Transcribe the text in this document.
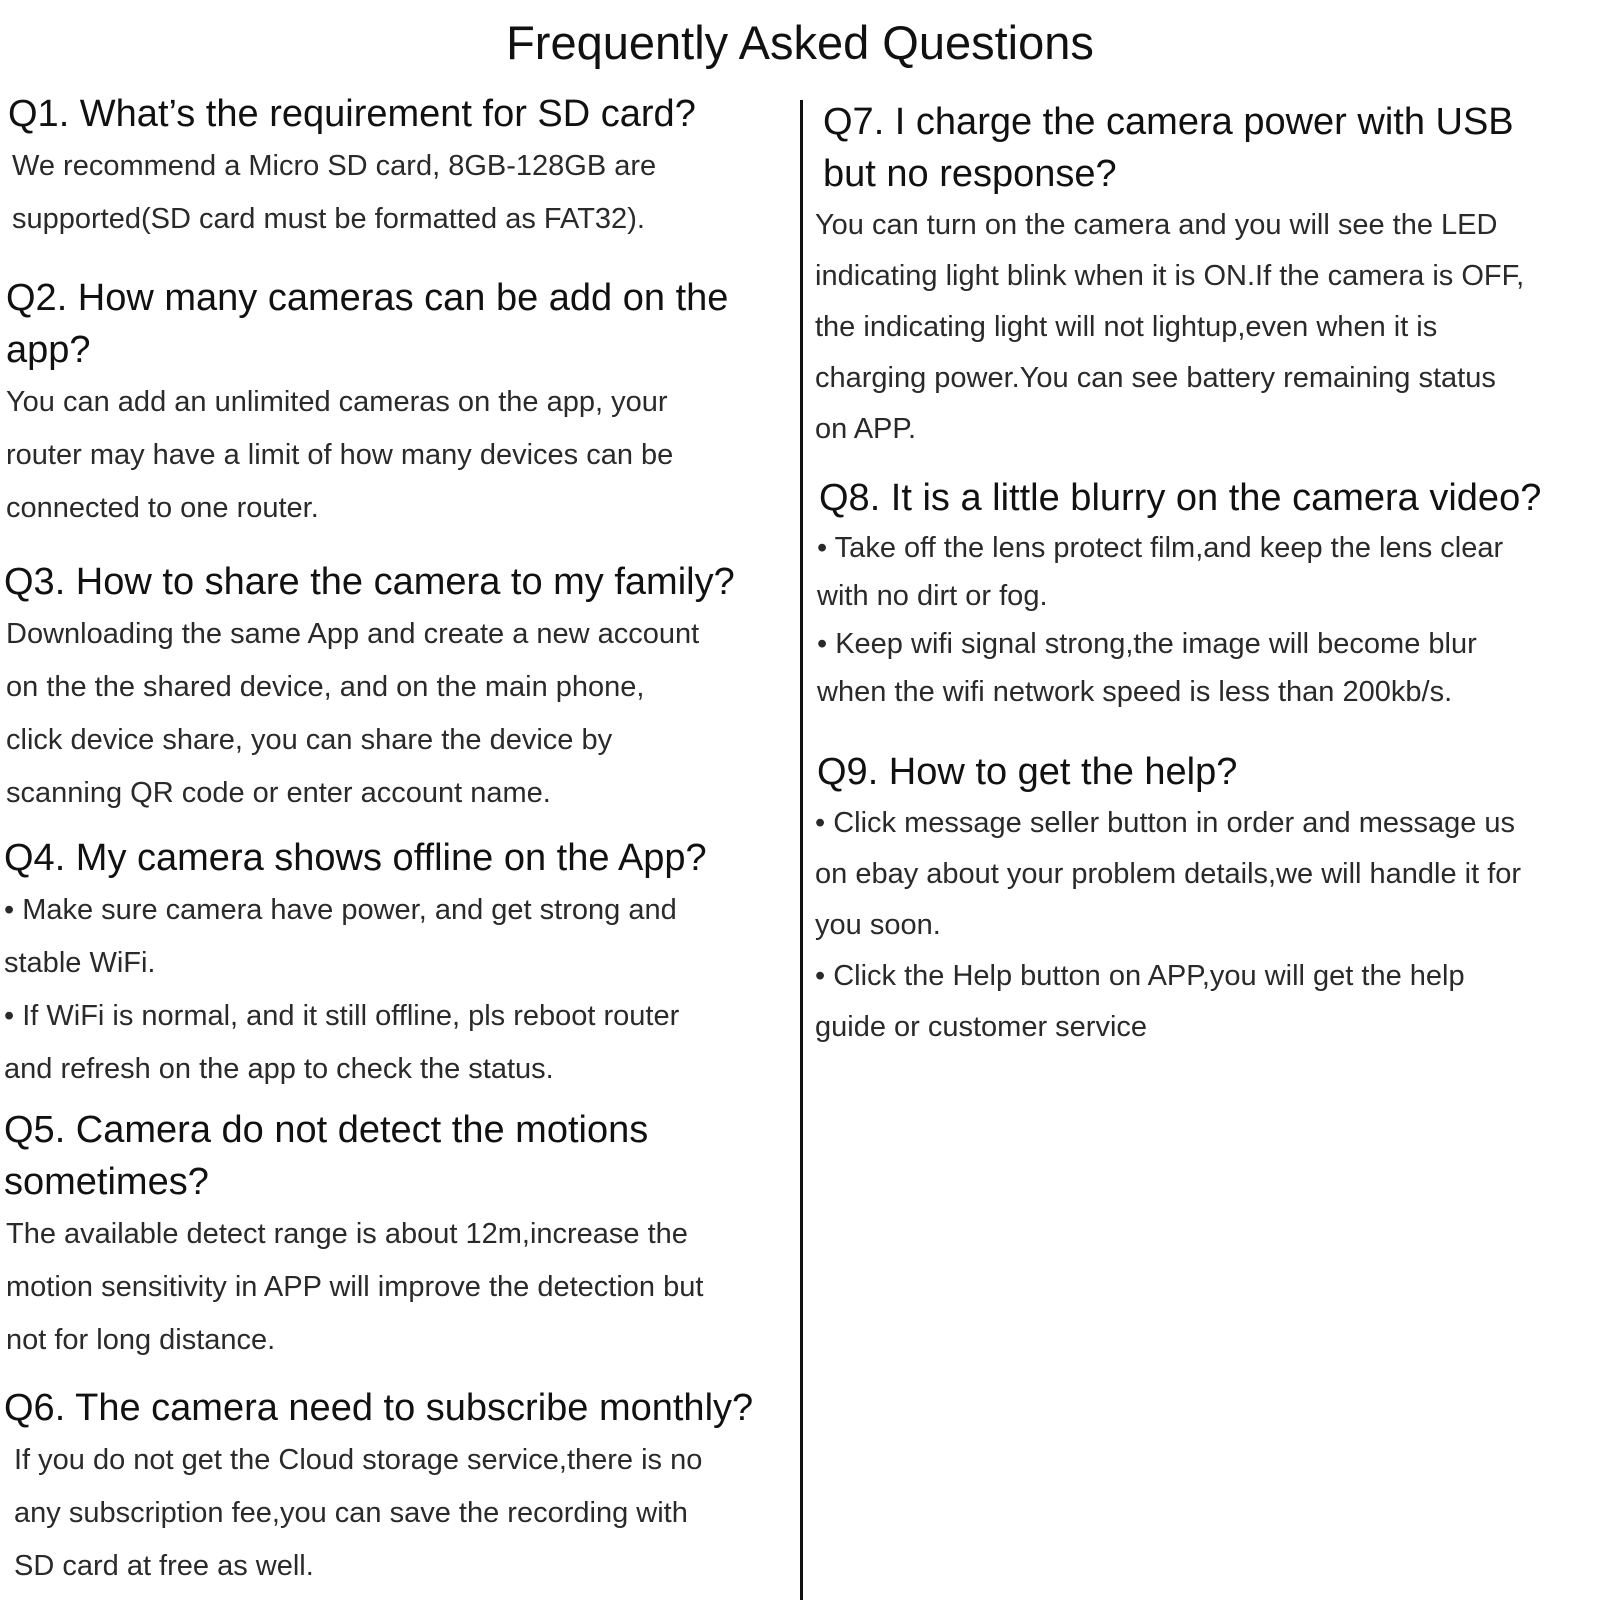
Frequently Asked Questions
Q1. What’s the requirement for SD card?

We recommend a Micro SD card, 8GB-128GB are
supported(SD card must be formatted as FAT32).

Q2. How many cameras can be add on the
app?

You can add an unlimited cameras on the app, your
router may have a limit of how many devices can be
connected to one router.

Q3. How to share the camera to my family?

Downloading the same App and create a new account
on the the shared device, and on the main phone,
click device share, you can share the device by
scanning QR code or enter account name.

Q4. My camera shows offline on the App?

• Make sure camera have power, and get strong and
stable WiFi.
• If WiFi is normal, and it still offline, pls reboot router
and refresh on the app to check the status.

Q5. Camera do not detect the motions
sometimes?

The available detect range is about 12m,increase the
motion sensitivity in APP will improve the detection but
not for long distance.

Q6. The camera need to subscribe monthly?

If you do not get the Cloud storage service,there is no
any subscription fee,you can save the recording with
SD card at free as well.

Q7. I charge the camera power with USB
but no response?

You can turn on the camera and you will see the LED
indicating light blink when it is ON.If the camera is OFF,
the indicating light will not lightup,even when it is
charging power.You can see battery remaining status
on APP.

Q8. It is a little blurry on the camera video?

• Take off the lens protect film,and keep the lens clear
with no dirt or fog.
• Keep wifi signal strong,the image will become blur
when the wifi network speed is less than 200kb/s.

Q9. How to get the help?

• Click message seller button in order and message us
on ebay about your problem details,we will handle it for
you soon.
• Click the Help button on APP,you will get the help
guide or customer service
